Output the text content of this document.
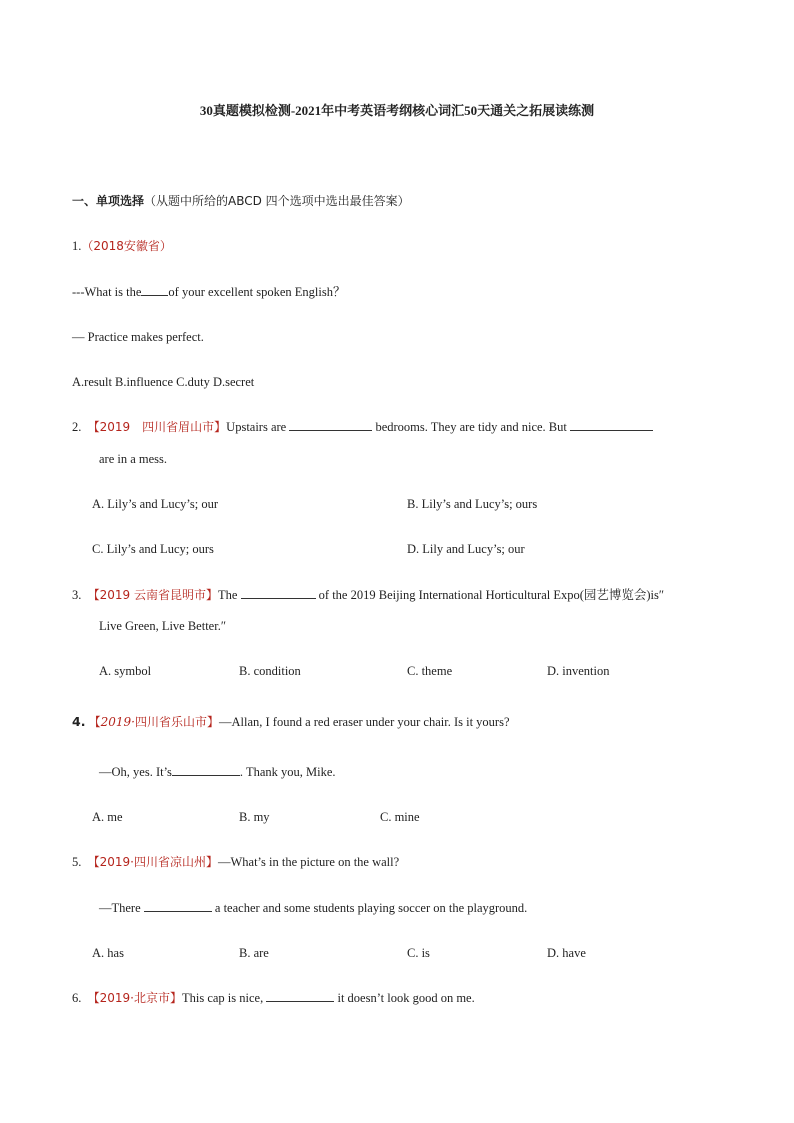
30真题模拟检测-2021年中考英语考纲核心词汇50天通关之拓展读练测
一、单项选择（从题中所给的ABCD 四个选项中选出最佳答案）
1.（2018安徽省）
---What is the of your excellent spoken English？
— Practice makes perfect.
A.result B.influence C.duty D.secret
2. 【2019　四川省眉山市】Upstairs are	bedrooms. They are tidy and nice. But
are in a mess.
A. Lily’s and Lucy’s; our	B. Lily’s and Lucy’s; ours
C. Lily’s and Lucy; ours	D. Lily and Lucy’s; our
3. 【2019 云南省昆明市】The	of the 2019 Beijing International Horticultural Expo(园艺博览会)is″
Live Green, Live Better.″
A. symbol	B. condition	C. theme	D. invention
4. 【2019·四川省乐山市】—Allan, I found a red eraser under your chair. Is it yours?
—Oh, yes. It’s	. Thank you, Mike.
A. me	B. my	C. mine
5. 【2019·四川省凉山州】—What’s in the picture on the wall?
—There	a teacher and some students playing soccer on the playground.
A. has	B. are	C. is	D. have
6. 【2019·北京市】This cap is nice,	it doesn’t look good on me.
